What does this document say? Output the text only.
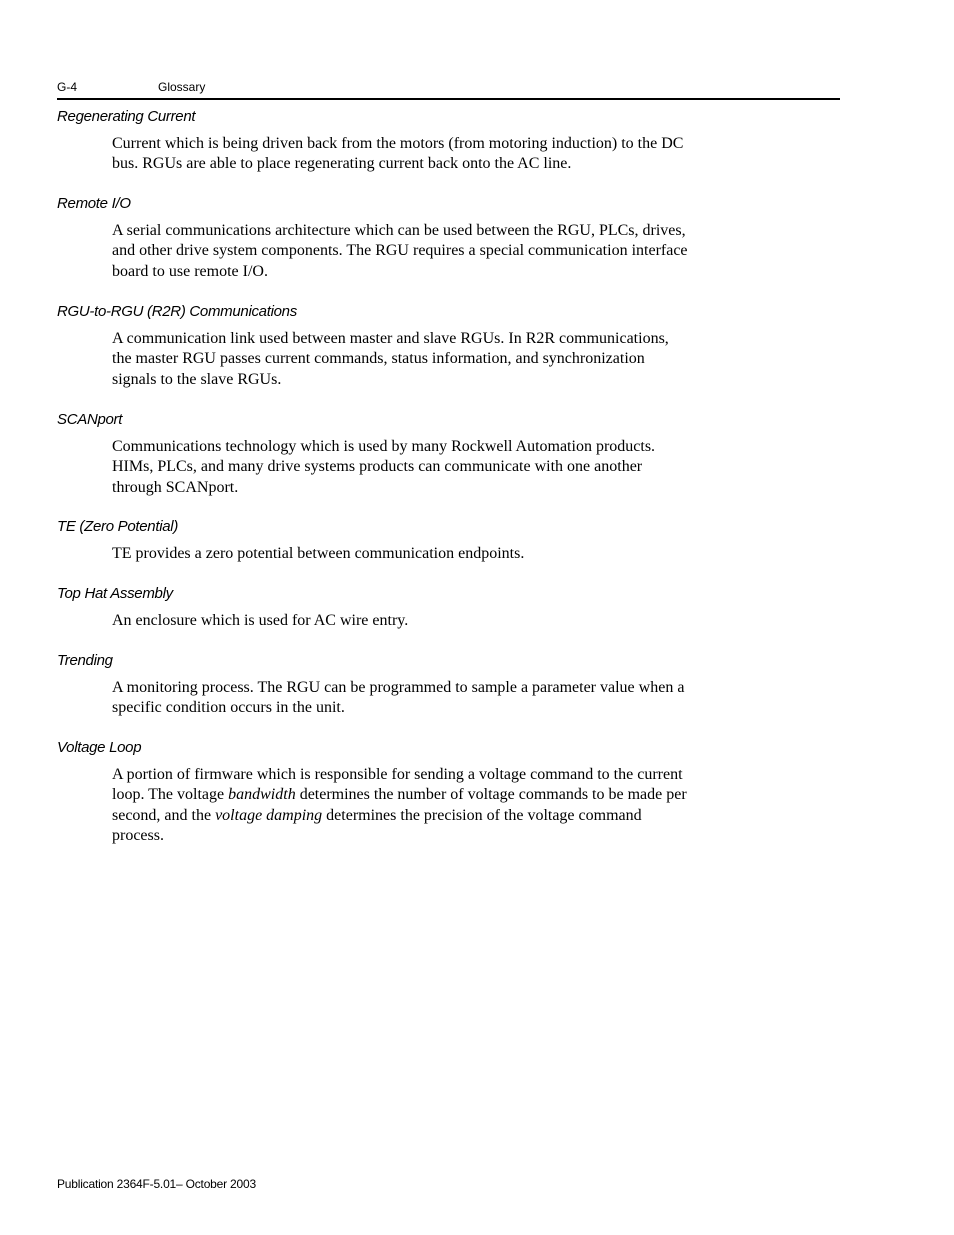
G-4	Glossary
Regenerating Current
Current which is being driven back from the motors (from motoring induction) to the DC
bus. RGUs are able to place regenerating current back onto the AC line.
Remote I/O
A serial communications architecture which can be used between the RGU, PLCs, drives,
and other drive system components. The RGU requires a special communication interface
board to use remote I/O.
RGU-to-RGU (R2R) Communications
A communication link used between master and slave RGUs. In R2R communications,
the master RGU passes current commands, status information, and synchronization
signals to the slave RGUs.
SCANport
Communications technology which is used by many Rockwell Automation products.
HIMs, PLCs, and many drive systems products can communicate with one another
through SCANport.
TE (Zero Potential)
TE provides a zero potential between communication endpoints.
Top Hat Assembly
An enclosure which is used for AC wire entry.
Trending
A monitoring process. The RGU can be programmed to sample a parameter value when a
specific condition occurs in the unit.
Voltage Loop
A portion of firmware which is responsible for sending a voltage command to the current
loop. The voltage bandwidth determines the number of voltage commands to be made per
second, and the voltage damping determines the precision of the voltage command
process.
Publication 2364F-5.01– October 2003
